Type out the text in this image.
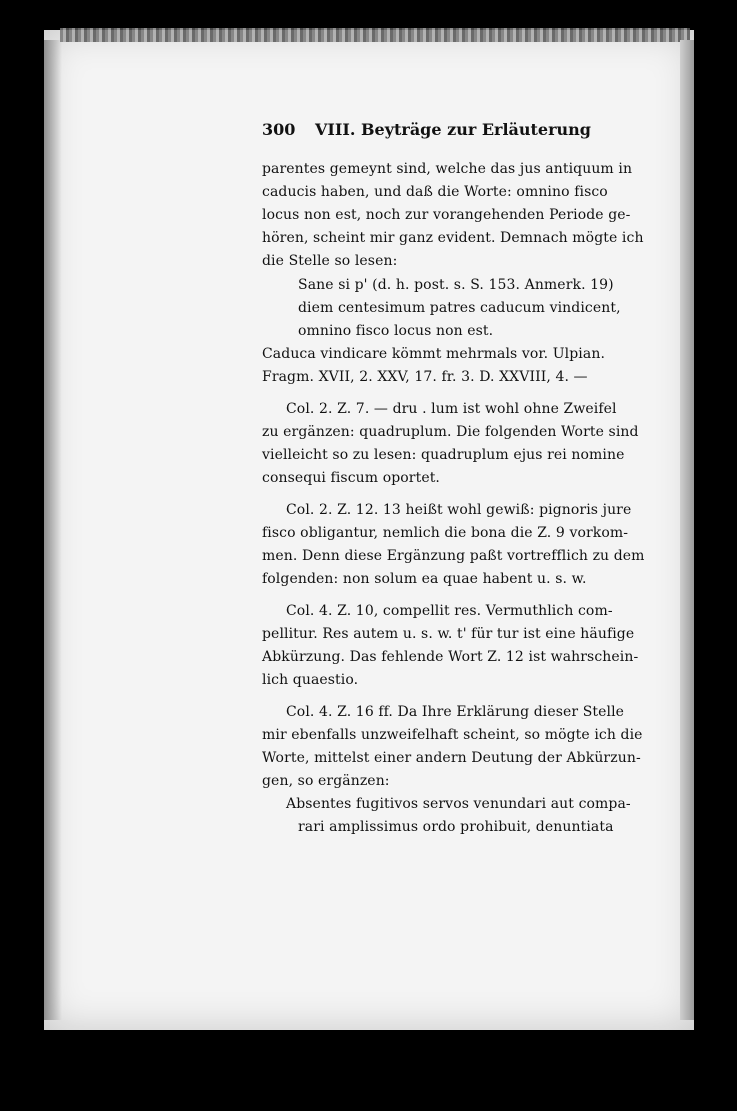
300 VIII. Beyträge zur Erläuterung
parentes gemeynt sind, welche das jus antiquum in
caducis haben, und daß die Worte: omnino fisco
locus non est, noch zur vorangehenden Periode ge-
hören, scheint mir ganz evident. Demnach mögte ich
die Stelle so lesen:
Sane si p' (d. h. post. s. S. 153. Anmerk. 19)
diem centesimum patres caducum vindicent,
omnino fisco locus non est.
Caduca vindicare kömmt mehrmals vor. Ulpian.
Fragm. XVII, 2. XXV, 17. fr. 3. D. XXVIII, 4. —
Col. 2. Z. 7. — dru . lum ist wohl ohne Zweifel
zu ergänzen: quadruplum. Die folgenden Worte sind
vielleicht so zu lesen: quadruplum ejus rei nomine
consequi fiscum oportet.
Col. 2. Z. 12. 13 heißt wohl gewiß: pignoris jure
fisco obligantur, nemlich die bona die Z. 9 vorkom-
men. Denn diese Ergänzung paßt vortrefflich zu dem
folgenden: non solum ea quae habent u. s. w.
Col. 4. Z. 10, compellit res. Vermuthlich com-
pellitur. Res autem u. s. w. t' für tur ist eine häufige
Abkürzung. Das fehlende Wort Z. 12 ist wahrschein-
lich quaestio.
Col. 4. Z. 16 ff. Da Ihre Erklärung dieser Stelle
mir ebenfalls unzweifelhaft scheint, so mögte ich die
Worte, mittelst einer andern Deutung der Abkürzun-
gen, so ergänzen:
Absentes fugitivos servos venundari aut compa-
rari amplissimus ordo prohibuit, denuntiata
